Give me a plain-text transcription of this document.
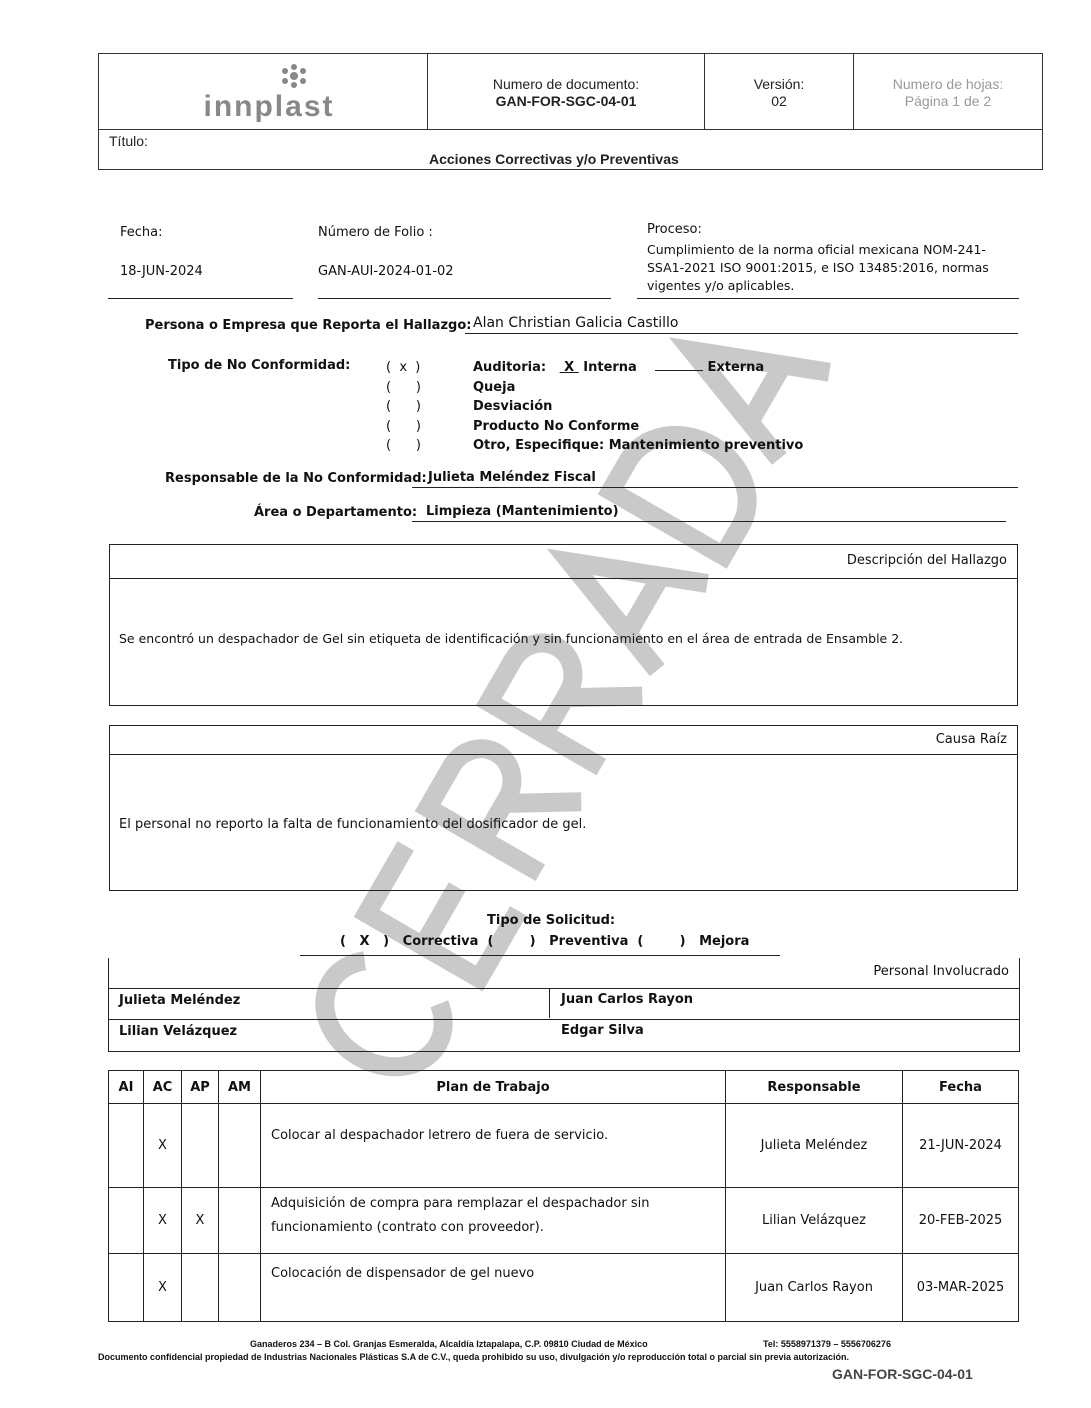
innplast
Numero de documento:
GAN-FOR-SGC-04-01
Versión:
02
Numero de hojas:
Página 1 de 2
Título:
Acciones Correctivas y/o Preventivas
Fecha:
18-JUN-2024
Número de Folio :
GAN-AUI-2024-01-02
Proceso:
Cumplimiento de la norma oficial mexicana NOM-241-SSA1-2021 ISO 9001:2015, e ISO 13485:2016, normas vigentes y/o aplicables.
Persona o Empresa que Reporta el Hallazgo: Alan Christian Galicia Castillo
Tipo de No Conformidad:	(  x  )
(      )
(      )
(      )
(      )
Auditoria: X Interna	Externa
Queja
Desviación
Producto No Conforme
Otro, Especifique: Mantenimiento preventivo
Responsable de la No Conformidad: Julieta Meléndez Fiscal
Área o Departamento: Limpieza (Mantenimiento)
Descripción del Hallazgo
Se encontró un despachador de Gel sin etiqueta de identificación y sin funcionamiento en el área de entrada de Ensamble 2.
Causa Raíz
El personal no reporto la falta de funcionamiento del dosificador de gel.
Tipo de Solicitud:
(   X   ) Correctiva (        ) Preventiva (        ) Mejora
Personal Involucrado
Julieta Meléndez	Juan Carlos Rayon
Lilian Velázquez	Edgar Silva
AI	AC	AP	AM	Plan de Trabajo	Responsable	Fecha
	X			Colocar al despachador letrero de fuera de servicio.	Julieta Meléndez	21-JUN-2024
	X	X		Adquisición de compra para remplazar el despachador sin funcionamiento (contrato con proveedor).	Lilian Velázquez	20-FEB-2025
	X			Colocación de dispensador de gel nuevo	Juan Carlos Rayon	03-MAR-2025
Ganaderos 234 – B Col. Granjas Esmeralda, Alcaldía Iztapalapa, C.P. 09810 Ciudad de México	Tel: 5558971379 – 5556706276
Documento confidencial propiedad de Industrias Nacionales Plásticas S.A de C.V., queda prohibido su uso, divulgación y/o reproducción total o parcial sin previa autorización.
GAN-FOR-SGC-04-01
